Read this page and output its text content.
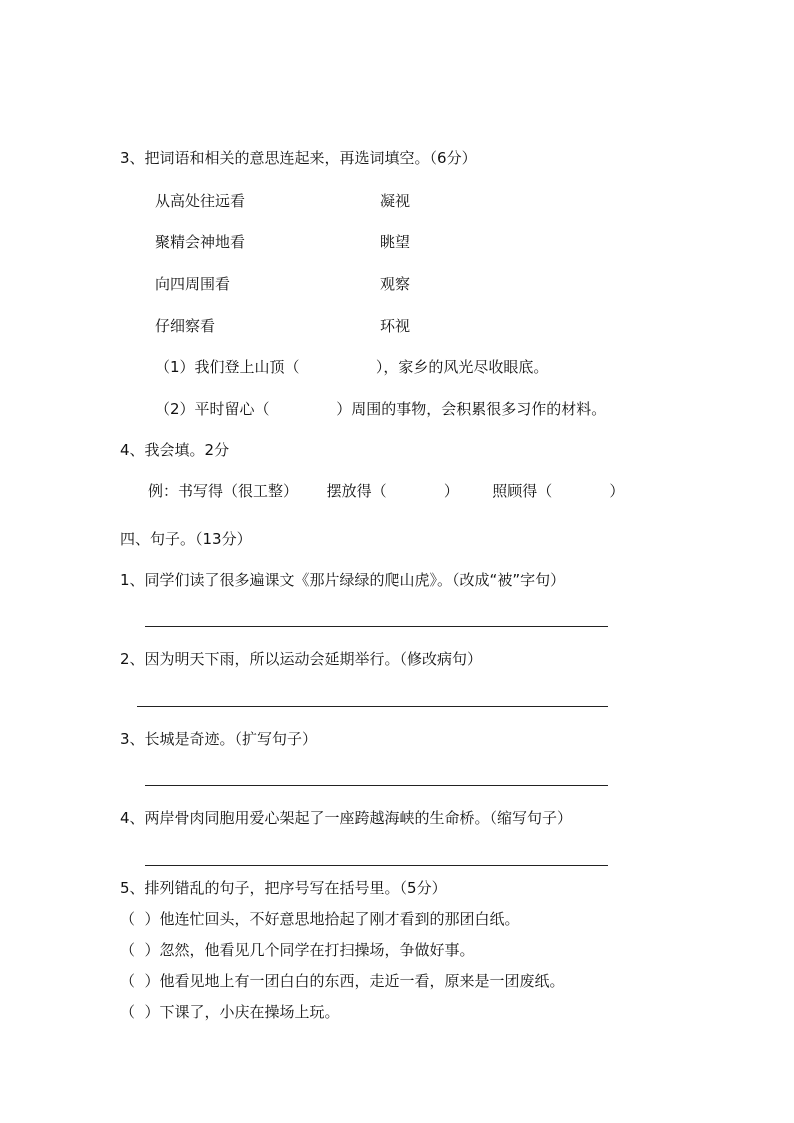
3、把词语和相关的意思连起来，再选词填空。（6分）
从高处往远看	凝视
聚精会神地看	眺望
向四周围看	观察
仔细察看	环视
（1）我们登上山顶（                ），家乡的风光尽收眼底。
（2）平时留心（              ）周围的事物，会积累很多习作的材料。
4、我会填。2分
例：书写得（很工整）      摆放得（            ）       照顾得（            ）
四、句子。（13分）
1、同学们读了很多遍课文《那片绿绿的爬山虎》。（改成“被”字句）
2、因为明天下雨，所以运动会延期举行。（修改病句）
3、长城是奇迹。（扩写句子）
4、两岸骨肉同胞用爱心架起了一座跨越海峡的生命桥。（缩写句子）
5、排列错乱的句子，把序号写在括号里。（5分）
（  ）他连忙回头，不好意思地拾起了刚才看到的那团白纸。
（  ）忽然，他看见几个同学在打扫操场，争做好事。
（  ）他看见地上有一团白白的东西，走近一看，原来是一团废纸。
（  ）下课了，小庆在操场上玩。
